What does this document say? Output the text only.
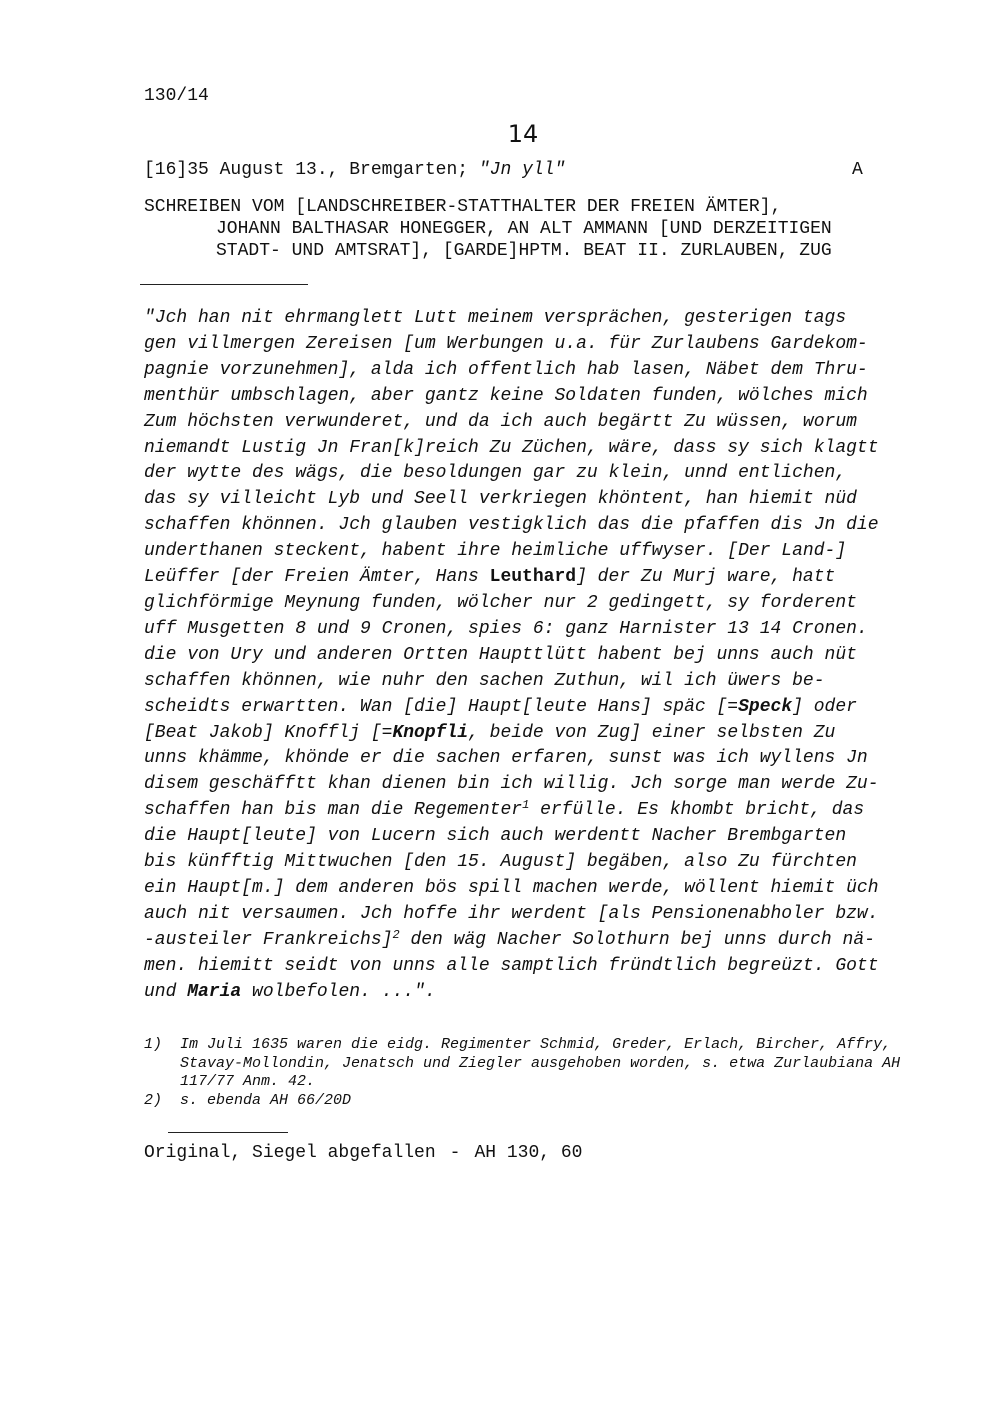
130/14
14
[16]35 August 13., Bremgarten; "Jn yll"	A
SCHREIBEN VOM [LANDSCHREIBER-STATTHALTER DER FREIEN ÄMTER],
JOHANN BALTHASAR HONEGGER, AN ALT AMMANN [UND DERZEITIGEN
STADT- UND AMTSRAT], [GARDE]HPTM. BEAT II. ZURLAUBEN, ZUG
"Jch han nit ehrmanglett Lutt meinem versprächen, gesterigen tags
gen villmergen Zereisen [um Werbungen u.a. für Zurlaubens Gardekom-
pagnie vorzunehmen], alda ich offentlich hab lasen, Näbet dem Thru-
menthür umbschlagen, aber gantz keine Soldaten funden, wölches mich
Zum höchsten verwunderet, und da ich auch begärtt Zu wüssen, worum
niemandt Lustig Jn Fran[k]reich Zu Züchen, wäre, dass sy sich klagtt
der wytte des wägs, die besoldungen gar zu klein, unnd entlichen,
das sy villeicht Lyb und Seell verkriegen khöntent, han hiemit nüd
schaffen khönnen. Jch glauben vestigklich das die pfaffen dis Jn die
underthanen steckent, habent ihre heimliche uffwyser. [Der Land-]
Leüffer [der Freien Ämter, Hans Leuthard] der Zu Murj ware, hatt
glichförmige Meynung funden, wölcher nur 2 gedingett, sy forderent
uff Musgetten 8 und 9 Cronen, spies 6: ganz Harnister 13 14 Cronen.
die von Ury und anderen Ortten Haupttlütt habent bej unns auch nüt
schaffen khönnen, wie nuhr den sachen Zuthun, wil ich üwers be-
scheidts erwartten. Wan [die] Haupt[leute Hans] späc [=Speck] oder
[Beat Jakob] Knofflj [=Knopfli, beide von Zug] einer selbsten Zu
unns khämme, khönde er die sachen erfaren, sunst was ich wyllens Jn
disem geschäfftt khan dienen bin ich willig. Jch sorge man werde Zu-
schaffen han bis man die Regementer$^1$ erfülle. Es khombt bricht, das
die Haupt[leute] von Lucern sich auch werdentt Nacher Brembgarten
bis künfftig Mittwuchen [den 15. August] begäben, also Zu fürchten
ein Haupt[m.] dem anderen bös spill machen werde, wöllent hiemit üch
auch nit versaumen. Jch hoffe ihr werdent [als Pensionenabholer bzw.
-austeiler Frankreichs]$^2$ den wäg Nacher Solothurn bej unns durch nä-
men. hiemitt seidt von unns alle samptlich fründtlich begreüzt. Gott
und Maria wolbefolen. ...".
1)	Im Juli 1635 waren die eidg. Regimenter Schmid, Greder, Erlach, Bircher, Affry, Stavay-Mollondin, Jenatsch und Ziegler ausgehoben worden, s. etwa Zurlaubiana AH 117/77 Anm. 42.
2)	s. ebenda AH 66/20D
Original, Siegel abgefallen - AH 130, 60
